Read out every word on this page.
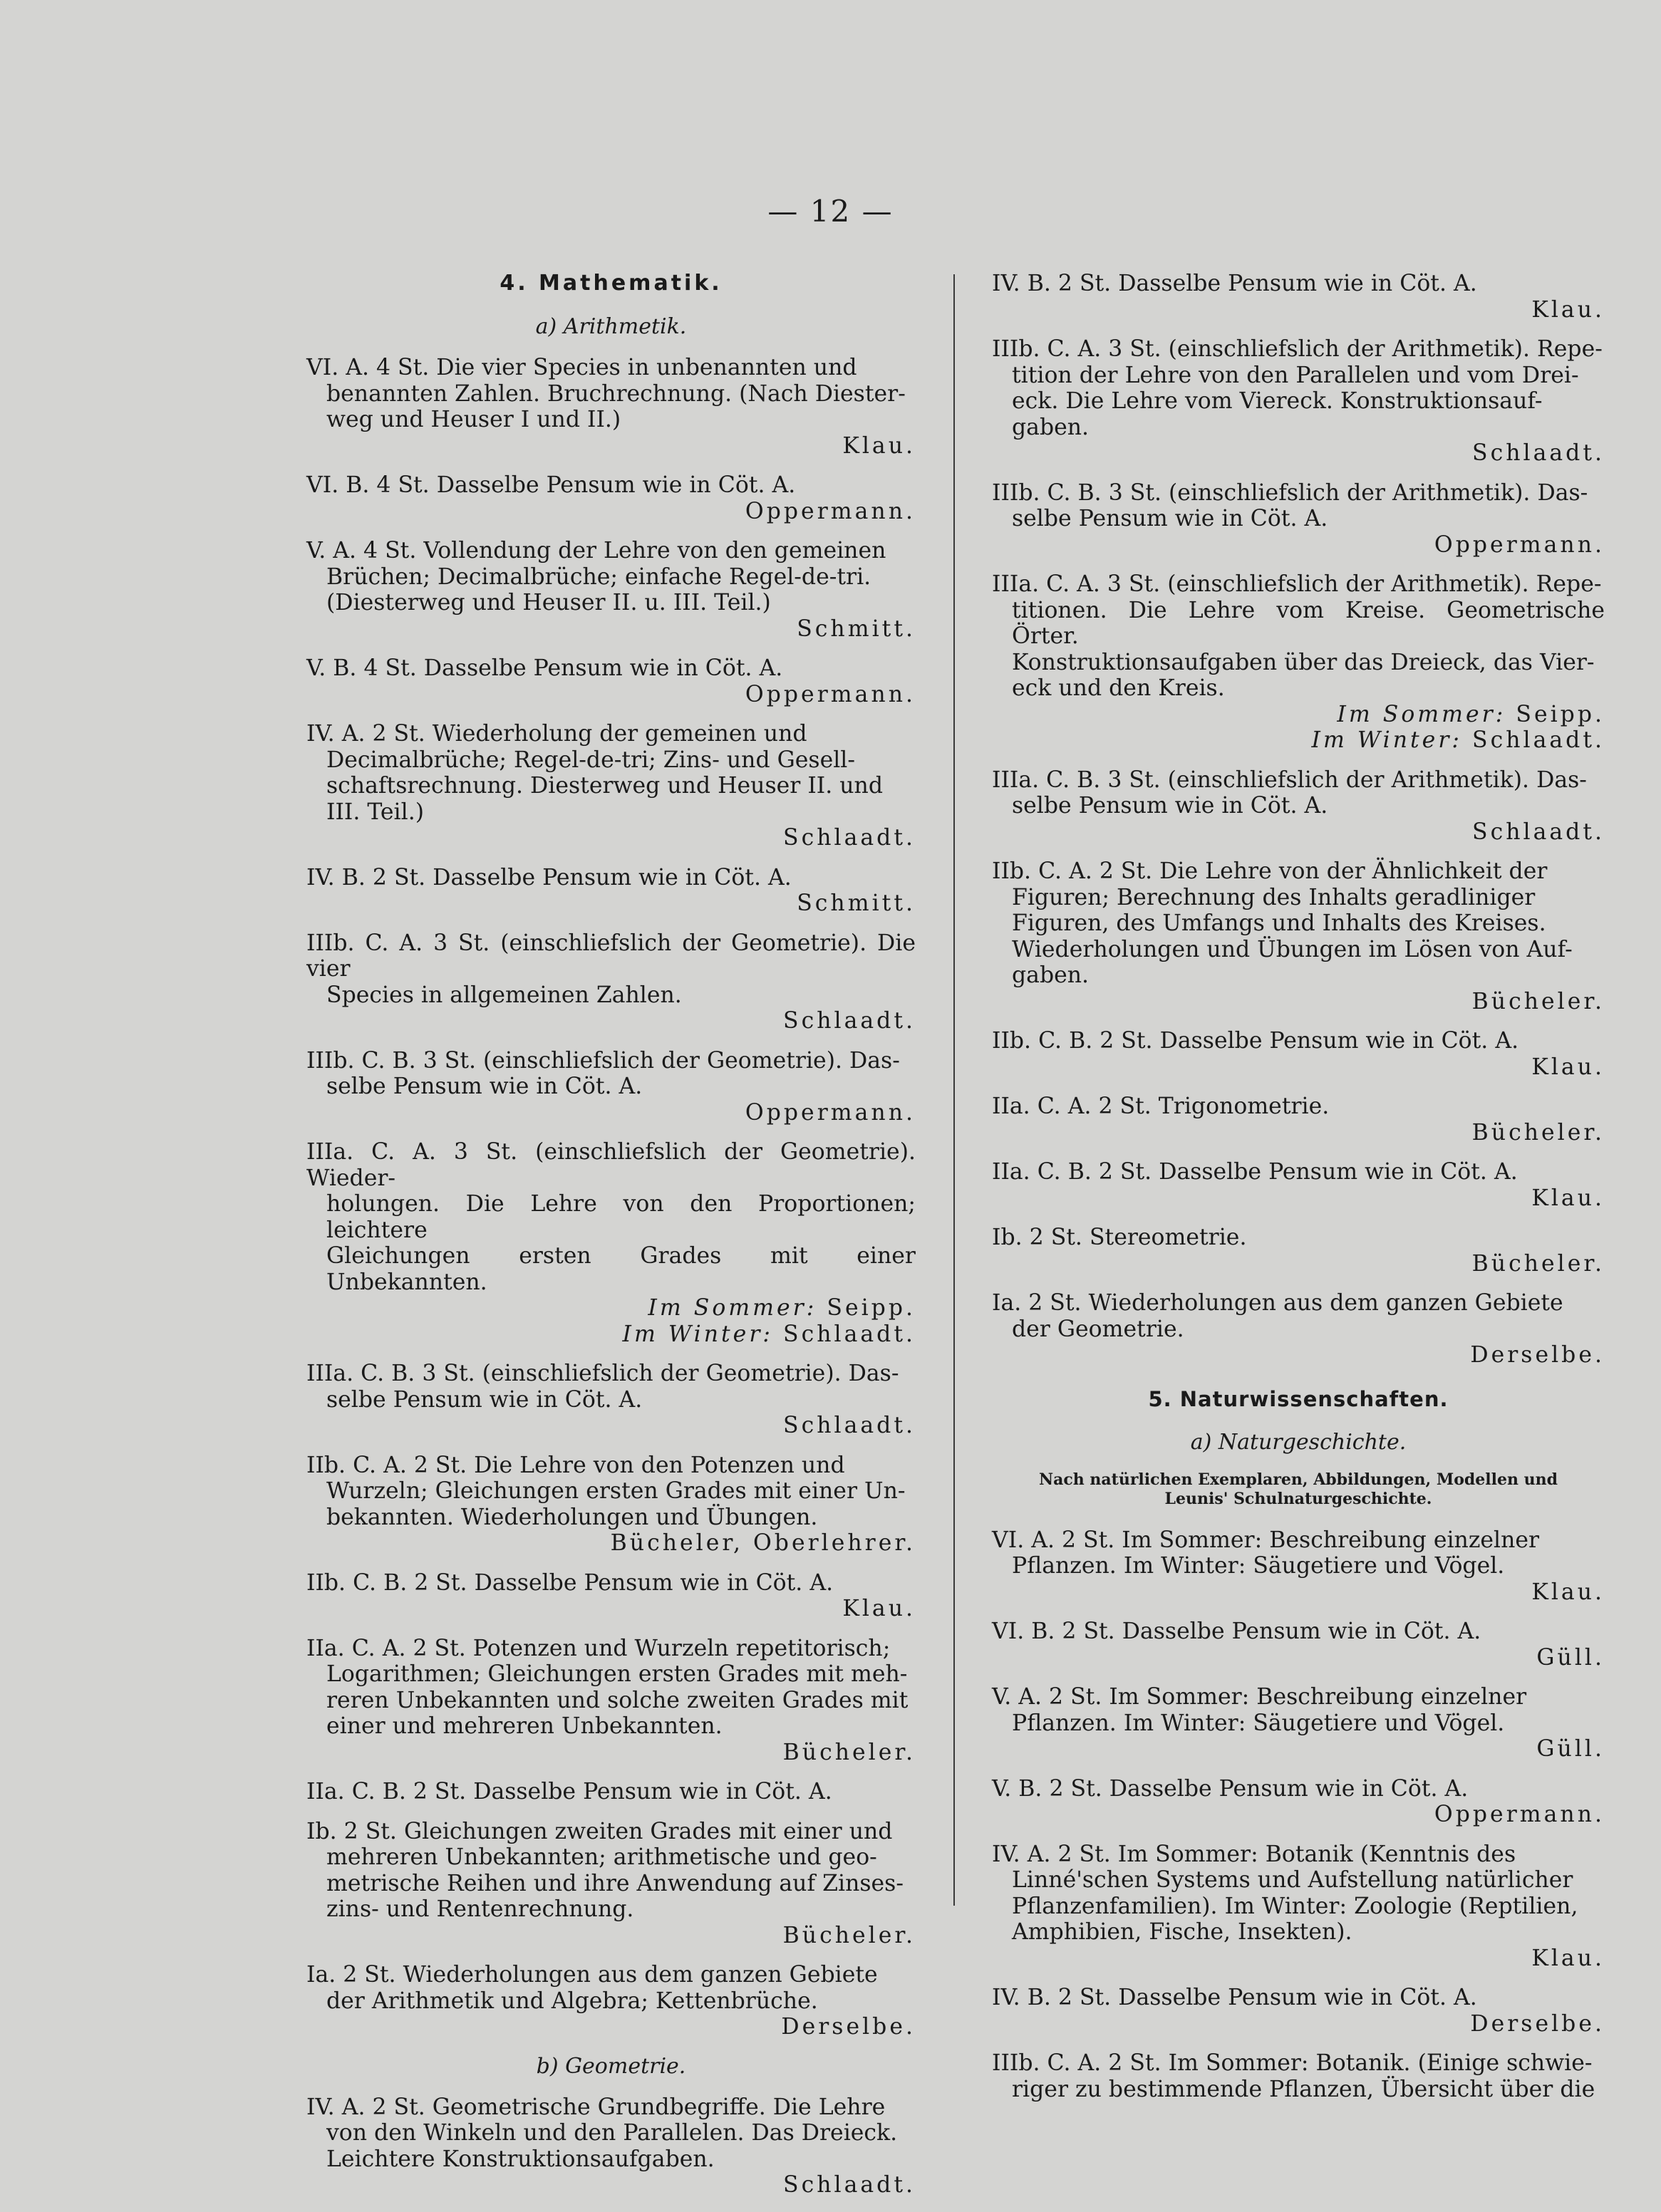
— 12 —
4. Mathematik.
a) Arithmetik.
VI. A. 4 St. Die vier Species in unbenannten und
benannten Zahlen. Bruchrechnung. (Nach Diester-
weg und Heuser I und II.)
Klau.
VI. B. 4 St. Dasselbe Pensum wie in Cöt. A.
Oppermann.
V. A. 4 St. Vollendung der Lehre von den gemeinen
Brüchen; Decimalbrüche; einfache Regel-de-tri.
(Diesterweg und Heuser II. u. III. Teil.)
Schmitt.
V. B. 4 St. Dasselbe Pensum wie in Cöt. A.
Oppermann.
IV. A. 2 St. Wiederholung der gemeinen und
Decimalbrüche; Regel-de-tri; Zins- und Gesell-
schaftsrechnung. Diesterweg und Heuser II. und
III. Teil.)
Schlaadt.
IV. B. 2 St. Dasselbe Pensum wie in Cöt. A.
Schmitt.
IIIb. C. A. 3 St. (einschliefslich der Geometrie). Die vier
Species in allgemeinen Zahlen.
Schlaadt.
IIIb. C. B. 3 St. (einschliefslich der Geometrie). Das-
selbe Pensum wie in Cöt. A.
Oppermann.
IIIa. C. A. 3 St. (einschliefslich der Geometrie). Wieder-
holungen. Die Lehre von den Proportionen; leichtere
Gleichungen ersten Grades mit einer Unbekannten.
Im Sommer: Seipp.
Im Winter: Schlaadt.
IIIa. C. B. 3 St. (einschliefslich der Geometrie). Das-
selbe Pensum wie in Cöt. A.
Schlaadt.
IIb. C. A. 2 St. Die Lehre von den Potenzen und
Wurzeln; Gleichungen ersten Grades mit einer Un-
bekannten. Wiederholungen und Übungen.
Bücheler, Oberlehrer.
IIb. C. B. 2 St. Dasselbe Pensum wie in Cöt. A.
Klau.
IIa. C. A. 2 St. Potenzen und Wurzeln repetitorisch;
Logarithmen; Gleichungen ersten Grades mit meh-
reren Unbekannten und solche zweiten Grades mit
einer und mehreren Unbekannten.
Bücheler.
IIa. C. B. 2 St. Dasselbe Pensum wie in Cöt. A.
Ib. 2 St. Gleichungen zweiten Grades mit einer und
mehreren Unbekannten; arithmetische und geo-
metrische Reihen und ihre Anwendung auf Zinses-
zins- und Rentenrechnung.
Bücheler.
Ia. 2 St. Wiederholungen aus dem ganzen Gebiete
der Arithmetik und Algebra; Kettenbrüche.
Derselbe.
b) Geometrie.
IV. A. 2 St. Geometrische Grundbegriffe. Die Lehre
von den Winkeln und den Parallelen. Das Dreieck.
Leichtere Konstruktionsaufgaben.
Schlaadt.
IV. B. 2 St. Dasselbe Pensum wie in Cöt. A.
Klau.
IIIb. C. A. 3 St. (einschliefslich der Arithmetik). Repe-
tition der Lehre von den Parallelen und vom Drei-
eck. Die Lehre vom Viereck. Konstruktionsauf-
gaben.
Schlaadt.
IIIb. C. B. 3 St. (einschliefslich der Arithmetik). Das-
selbe Pensum wie in Cöt. A.
Oppermann.
IIIa. C. A. 3 St. (einschliefslich der Arithmetik). Repe-
titionen. Die Lehre vom Kreise. Geometrische Örter.
Konstruktionsaufgaben über das Dreieck, das Vier-
eck und den Kreis.
Im Sommer: Seipp.
Im Winter: Schlaadt.
IIIa. C. B. 3 St. (einschliefslich der Arithmetik). Das-
selbe Pensum wie in Cöt. A.
Schlaadt.
IIb. C. A. 2 St. Die Lehre von der Ähnlichkeit der
Figuren; Berechnung des Inhalts geradliniger
Figuren, des Umfangs und Inhalts des Kreises.
Wiederholungen und Übungen im Lösen von Auf-
gaben.
Bücheler.
IIb. C. B. 2 St. Dasselbe Pensum wie in Cöt. A.
Klau.
IIa. C. A. 2 St. Trigonometrie.
Bücheler.
IIa. C. B. 2 St. Dasselbe Pensum wie in Cöt. A.
Klau.
Ib. 2 St. Stereometrie.
Bücheler.
Ia. 2 St. Wiederholungen aus dem ganzen Gebiete
der Geometrie.
Derselbe.
5. Naturwissenschaften.
a) Naturgeschichte.
Nach natürlichen Exemplaren, Abbildungen, Modellen und Leunis' Schulnaturgeschichte.
VI. A. 2 St. Im Sommer: Beschreibung einzelner
Pflanzen. Im Winter: Säugetiere und Vögel.
Klau.
VI. B. 2 St. Dasselbe Pensum wie in Cöt. A.
Güll.
V. A. 2 St. Im Sommer: Beschreibung einzelner
Pflanzen. Im Winter: Säugetiere und Vögel.
Güll.
V. B. 2 St. Dasselbe Pensum wie in Cöt. A.
Oppermann.
IV. A. 2 St. Im Sommer: Botanik (Kenntnis des
Linné'schen Systems und Aufstellung natürlicher
Pflanzenfamilien). Im Winter: Zoologie (Reptilien,
Amphibien, Fische, Insekten).
Klau.
IV. B. 2 St. Dasselbe Pensum wie in Cöt. A.
Derselbe.
IIIb. C. A. 2 St. Im Sommer: Botanik. (Einige schwie-
riger zu bestimmende Pflanzen, Übersicht über die
